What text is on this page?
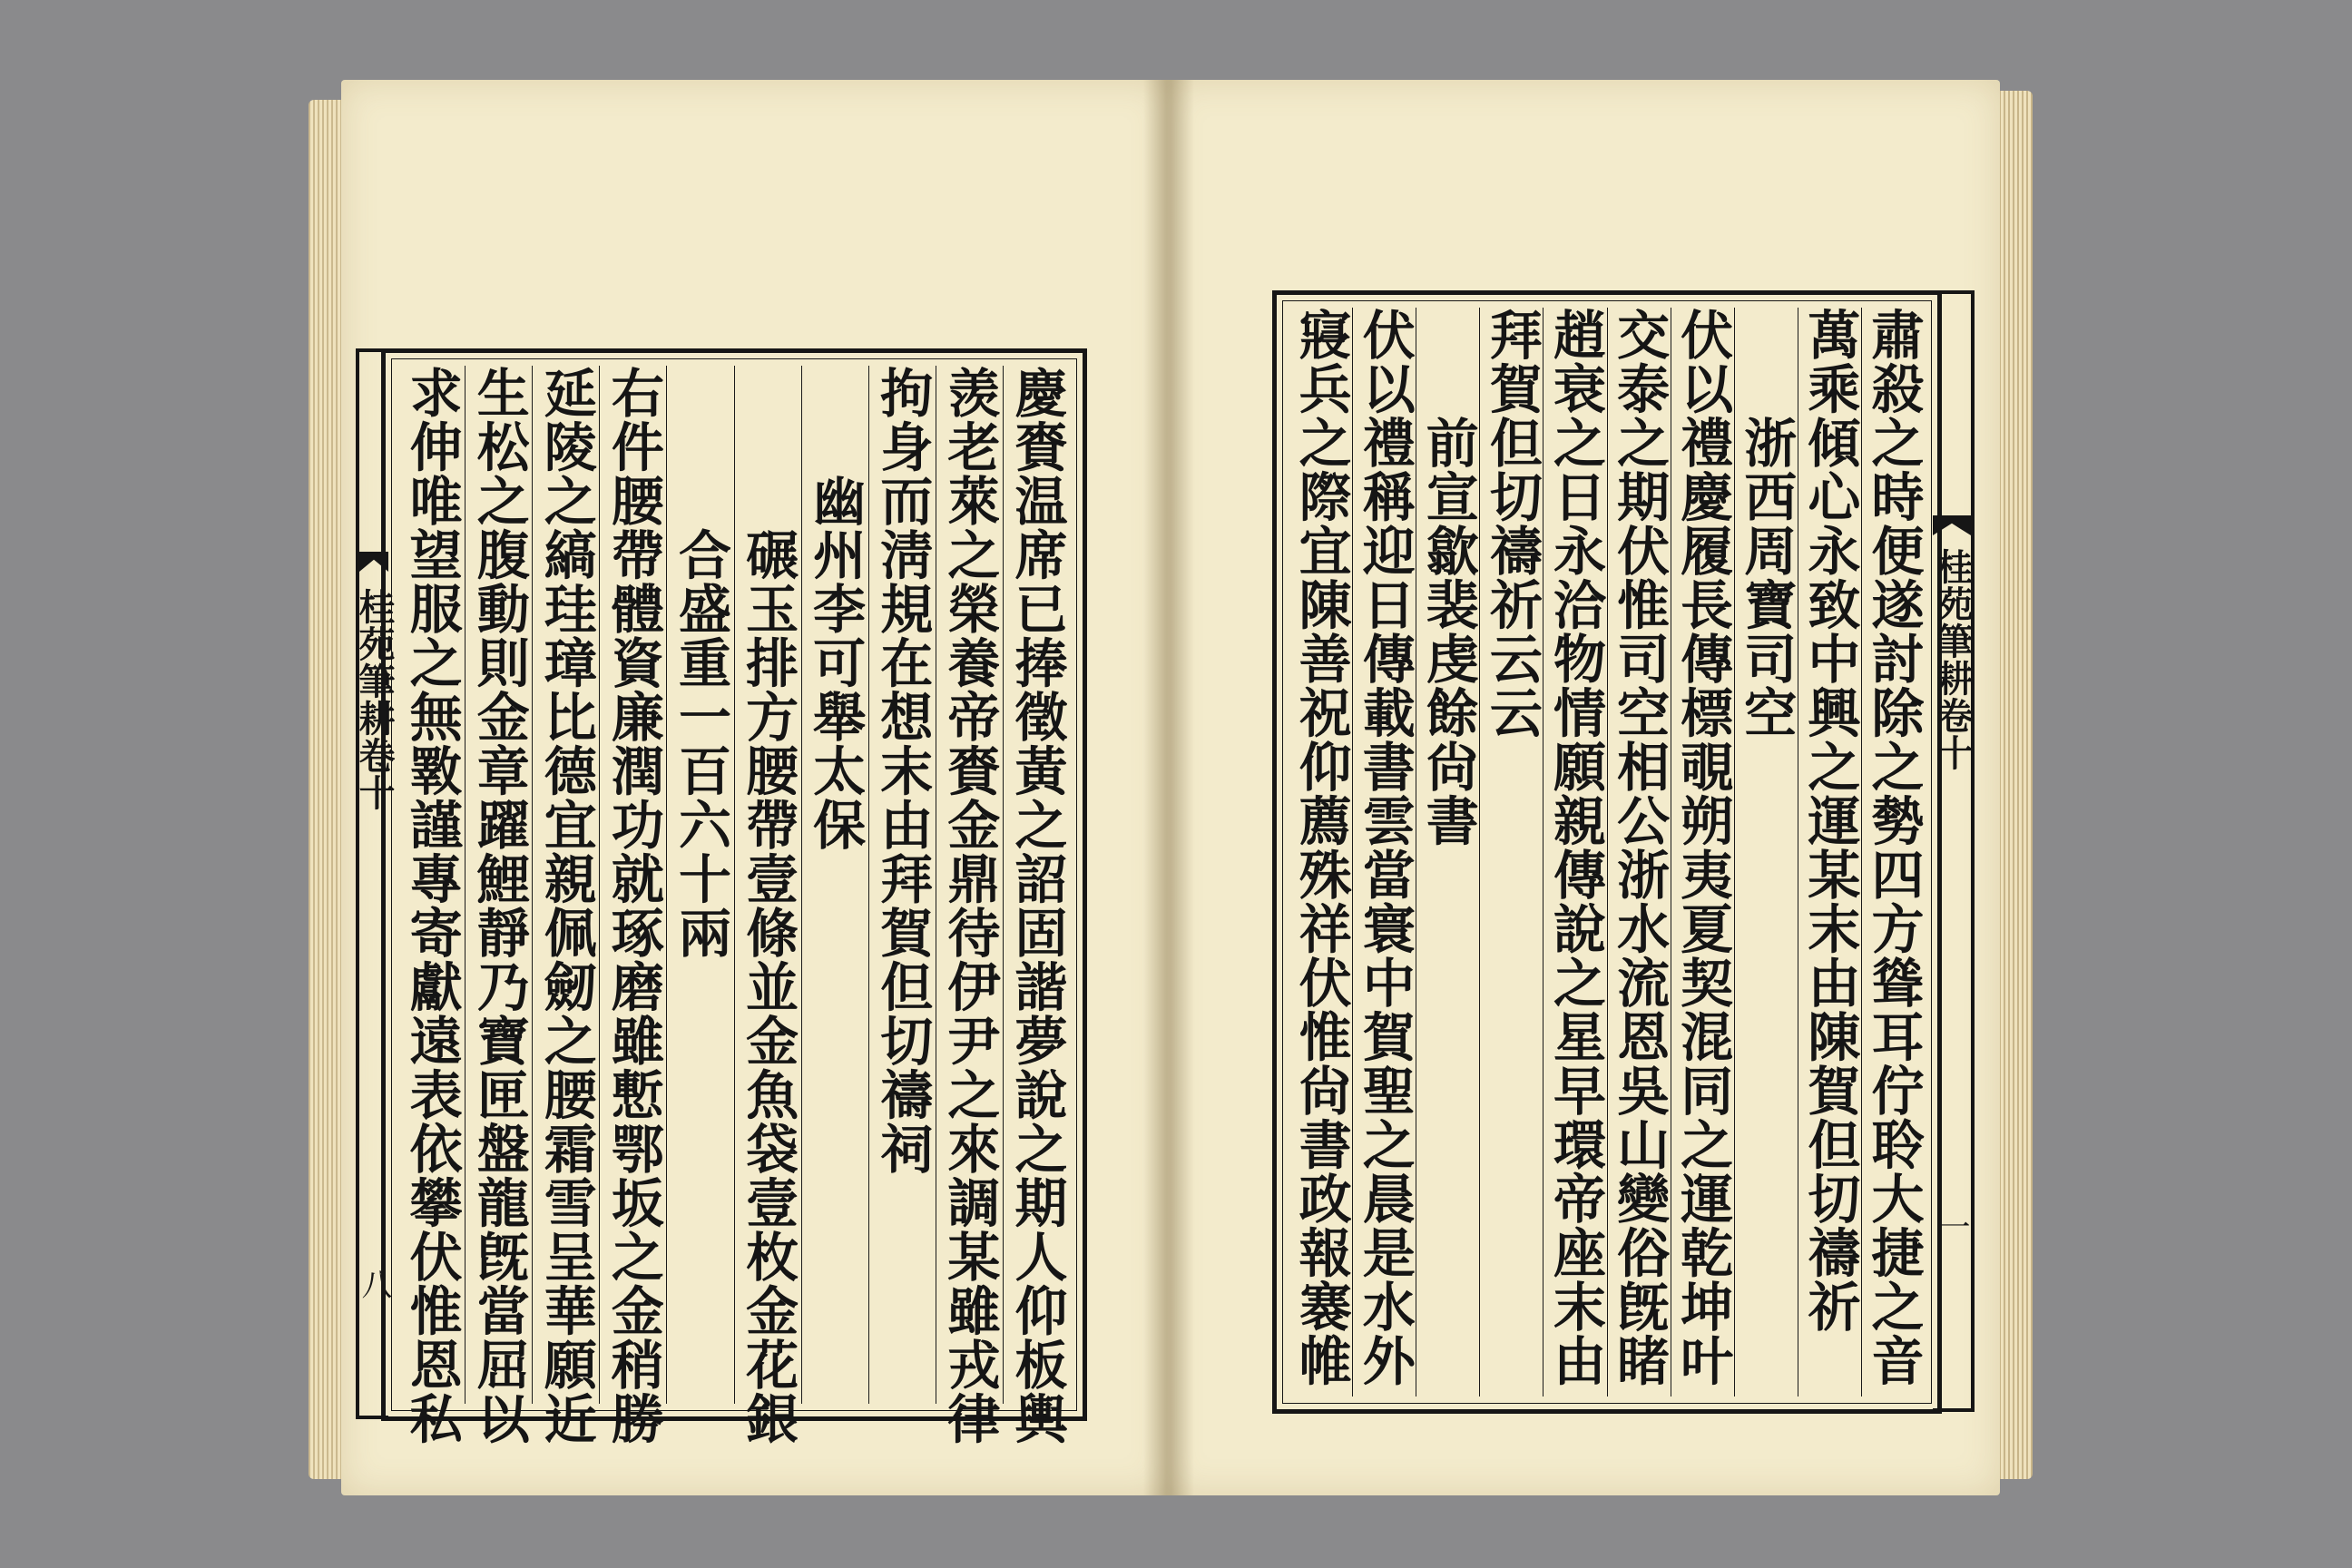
桂苑筆耕卷十
八	慶賚温席已捧徵黃之詔固諧夢說之期人仰板輿
羡老萊之榮養帝賚金鼎待伊尹之來調某雖戎律
拘身而淸規在想末由拜賀但切禱祠
　　幽州李可舉太保
　　　碾玉排方腰帶壹條並金魚袋壹枚金花銀
　　　合盛重一百六十兩
右件腰帶體資廉潤功就琢磨雖慙鄂坂之金稍勝
延陵之縞珪璋比德宜親佩劒之腰霜雪呈華願近
生松之腹動則金章躍鯉靜乃寶匣盤龍旣當屈以
求伸唯望服之無斁謹專寄獻遠表依攀伏惟恩私	肅殺之時便遂討除之勢四方聳耳佇聆大捷之音
萬乘傾心永致中興之運某末由陳賀但切禱祈
　　浙西周寶司空
伏以禮慶履長傳標覗朔夷夏契混同之運乾坤叶
交泰之期伏惟司空相公浙水流恩吳山變俗旣睹
趙衰之日永洽物情願親傳說之星早環帝座末由
拜賀但切禱祈云云
　　前宣歙裴虔餘尙書
伏以禮稱迎日傳載書雲當寰中賀聖之晨是水外
寢兵之際宜陳善祝仰薦殊祥伏惟尙書政報褰帷	桂苑筆耕卷十
一
